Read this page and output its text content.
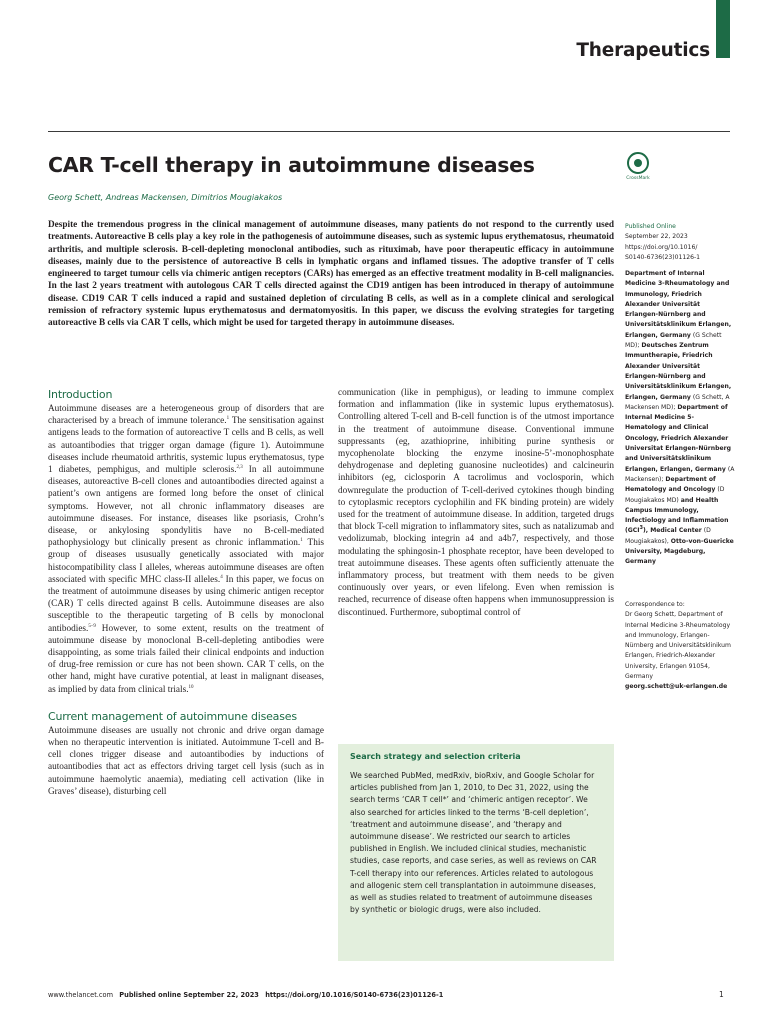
Therapeutics
CAR T-cell therapy in autoimmune diseases
CrossMark
Georg Schett, Andreas Mackensen, Dimitrios Mougiakakos

Despite the tremendous progress in the clinical management of autoimmune diseases, many patients do not respond to the currently used treatments. Autoreactive B cells play a key role in the pathogenesis of autoimmune diseases, such as systemic lupus erythematosus, rheumatoid arthritis, and multiple sclerosis. B-cell-depleting monoclonal antibodies, such as rituximab, have poor therapeutic efficacy in autoimmune diseases, mainly due to the persistence of autoreactive B cells in lymphatic organs and inflamed tissues. The adoptive transfer of T cells engineered to target tumour cells via chimeric antigen receptors (CARs) has emerged as an effective treatment modality in B-cell malignancies. In the last 2 years treatment with autologous CAR T cells directed against the CD19 antigen has been introduced in therapy of autoimmune disease. CD19 CAR T cells induced a rapid and sustained depletion of circulating B cells, as well as in a complete clinical and serological remission of refractory systemic lupus erythematosus and dermatomyositis. In this paper, we discuss the evolving strategies for targeting autoreactive B cells via CAR T cells, which might be used for targeted therapy in autoimmune diseases.

Introduction

Autoimmune diseases are a heterogeneous group of disorders that are characterised by a breach of immune tolerance.$^1$ The sensitisation against antigens leads to the formation of autoreactive T cells and B cells, as well as autoantibodies that trigger organ damage (figure 1). Autoimmune diseases include rheumatoid arthritis, systemic lupus erythematosus, type 1 diabetes, pemphigus, and multiple sclerosis.$^{2,3}$ In all autoimmune diseases, autoreactive B-cell clones and autoantibodies directed against a patient’s own antigens are formed long before the onset of clinical symptoms. However, not all chronic inflammatory diseases are autoimmune diseases. For instance, diseases like psoriasis, Crohn’s disease, or ankylosing spondylitis have no B-cell-mediated pathophysiology but clinically present as chronic inflammation.$^1$ This group of diseases ususually genetically associated with major histocompatibility class I alleles, whereas autoimmune diseases are often associated with specific MHC class-II alleles.$^4$ In this paper, we focus on the treatment of autoimmune diseases by using chimeric antigen receptor (CAR) T cells directed against B cells. Autoimmune diseases are also susceptible to the therapeutic targeting of B cells by monoclonal antibodies.$^{5-9}$ However, to some extent, results on the treatment of autoimmune disease by monoclonal B-cell-depleting antibodies were disappointing, as some trials failed their clinical endpoints and induction of drug-free remission or cure has not been shown. CAR T cells, on the other hand, might have curative potential, at least in malignant diseases, as implied by data from clinical trials.$^{10}$

Current management of autoimmune diseases

Autoimmune diseases are usually not chronic and drive organ damage when no therapeutic intervention is initiated. Autoimmune T-cell and B-cell clones trigger disease and autoantibodies by inductions of autoantibodies that act as effectors driving target cell lysis (such as in autoimmune haemolytic anaemia), mediating cell activation (like in Graves’ disease), disturbing cell

communication (like in pemphigus), or leading to immune complex formation and inflammation (like in systemic lupus erythematosus). Controlling altered T-cell and B-cell function is of the utmost importance in the treatment of autoimmune disease. Conventional immune suppressants (eg, azathioprine, inhibiting purine synthesis or mycophenolate blocking the enzyme inosine-5’-monophosphate dehydrogenase and depleting guanosine nucleotides) and calcineurin inhibitors (eg, ciclosporin A tacrolimus and voclosporin, which downregulate the production of T-cell-derived cytokines though binding to cytoplasmic receptors cyclophilin and FK binding protein) are widely used for the treatment of autoimmune disease. In addition, targeted drugs that block T-cell migration to inflammatory sites, such as natalizumab and vedolizumab, blocking integrin a4 and a4b7, respectively, and those modulating the sphingosin-1 phosphate receptor, have been developed to treat autoimmune diseases. These agents often sufficiently attenuate the inflammatory process, but treatment with them needs to be given continuously over years, or even lifelong. Even when remission is reached, recurrence of disease often happens when immunosuppression is discontinued. Furthermore, suboptimal control of

Search strategy and selection criteria
We searched PubMed, medRxiv, bioRxiv, and Google Scholar for articles published from Jan 1, 2010, to Dec 31, 2022, using the search terms ‘CAR T cell*’ and ‘chimeric antigen receptor’. We also searched for articles linked to the terms ‘B-cell depletion’, ‘treatment and autoimmune disease’, and ‘therapy and autoimmune disease’. We restricted our search to articles published in English. We included clinical studies, mechanistic studies, case reports, and case series, as well as reviews on CAR T-cell therapy into our references. Articles related to autologous and allogenic stem cell transplantation in autoimmune diseases, as well as studies related to treatment of autoimmune diseases by synthetic or biologic drugs, were also included.
Published Online
September 22, 2023
https://doi.org/10.1016/
S0140-6736(23)01126-1
Department of Internal Medicine 3-Rheumatology and Immunology, Friedrich Alexander Universität Erlangen-Nürnberg and Universitätsklinikum Erlangen, Erlangen, Germany (G Schett MD); Deutsches Zentrum Immuntherapie, Friedrich Alexander Universität Erlangen-Nürnberg and Universitätsklinikum Erlangen, Erlangen, Germany (G Schett, A Mackensen MD); Department of Internal Medicine 5-Hematology and Clinical Oncology, Friedrich Alexander Universitat Erlangen-Nürnberg and Universitätsklinikum Erlangen, Erlangen, Germany (A Mackensen); Department of Hematology and Oncology (D Mougiakakos MD) and Health Campus Immunology, Infectiology and Inflammation (GCI$^3$), Medical Center (D Mougiakakos), Otto-von-Guericke University, Magdeburg, Germany
Correspondence to:
Dr Georg Schett, Department of Internal Medicine 3-Rheumatology and Immunology, Erlangen-Nürnberg and Universitätsklinikum Erlangen, Friedrich-Alexander University, Erlangen 91054, Germany
georg.schett@uk-erlangen.de
www.thelancet.com Published online September 22, 2023 https://doi.org/10.1016/S0140-6736(23)01126-1	1
